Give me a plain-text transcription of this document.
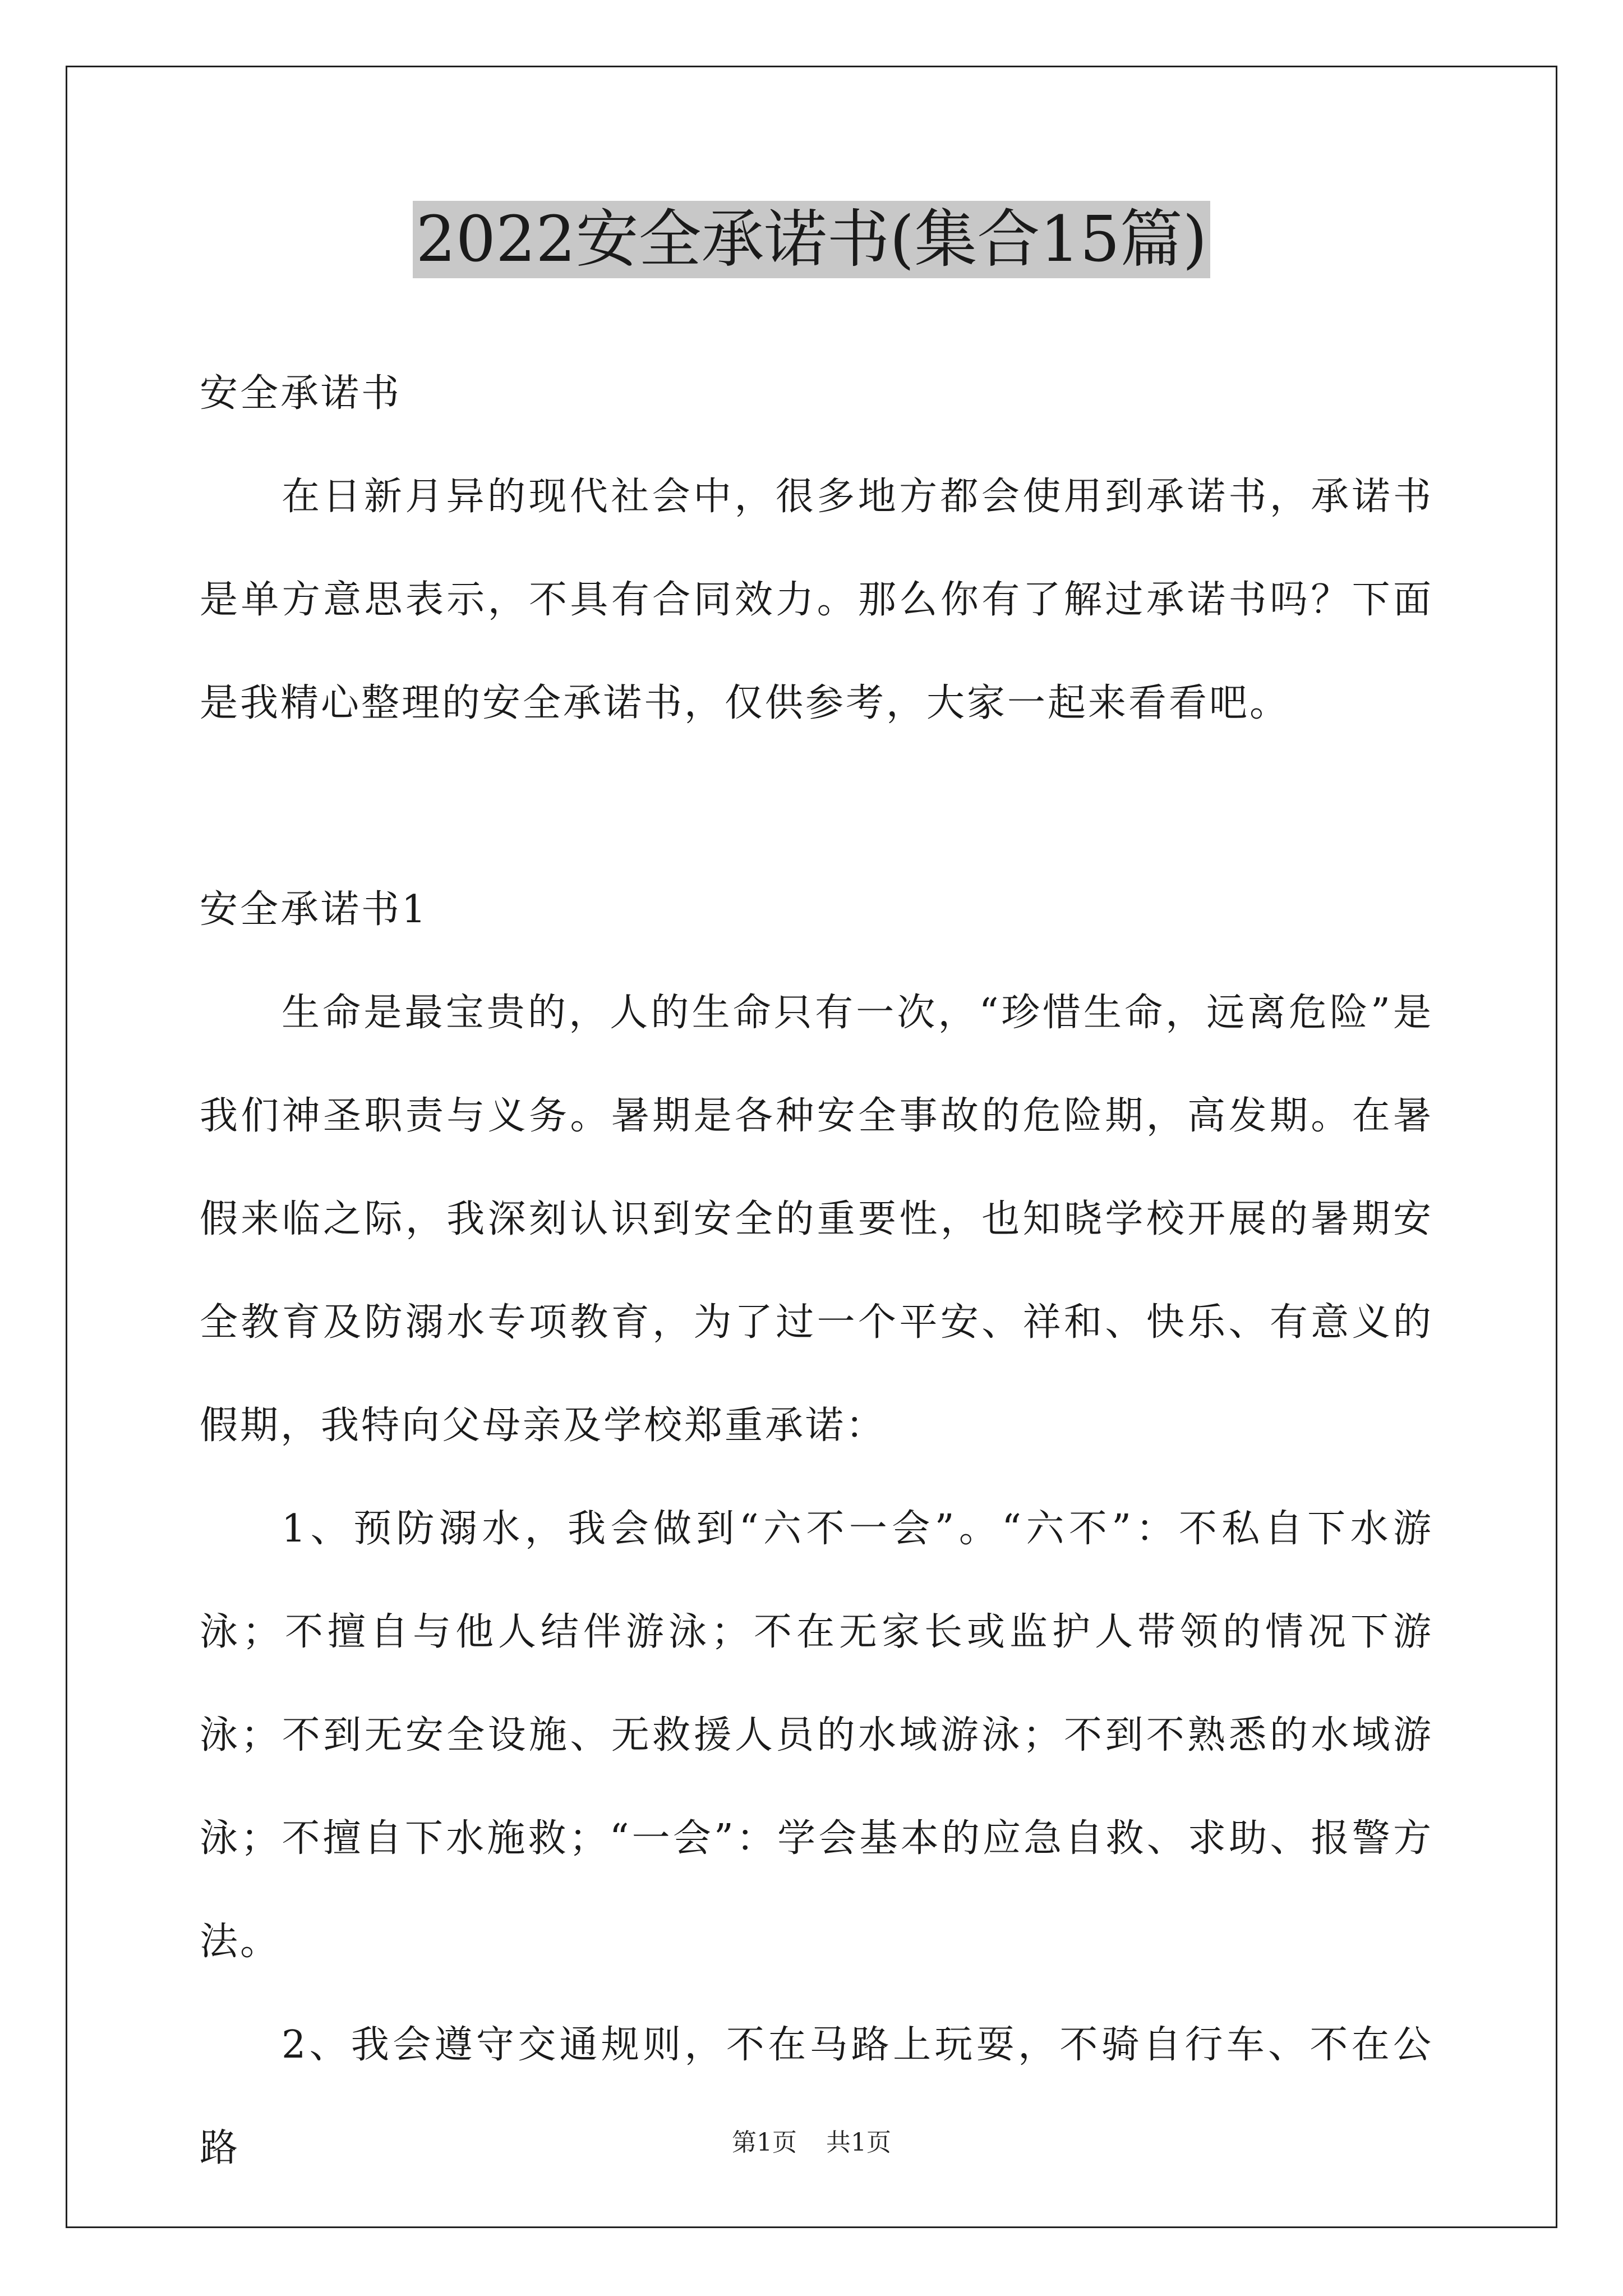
2022安全承诺书(集合15篇)

安全承诺书

在日新月异的现代社会中，很多地方都会使用到承诺书，承诺书是单方意思表示，不具有合同效力。那么你有了解过承诺书吗？下面是我精心整理的安全承诺书，仅供参考，大家一起来看看吧。

安全承诺书1

生命是最宝贵的，人的生命只有一次，“珍惜生命，远离危险”是我们神圣职责与义务。暑期是各种安全事故的危险期，高发期。在暑假来临之际，我深刻认识到安全的重要性，也知晓学校开展的暑期安全教育及防溺水专项教育，为了过一个平安、祥和、快乐、有意义的假期，我特向父母亲及学校郑重承诺：

1、预防溺水，我会做到“六不一会”。“六不”：不私自下水游泳；不擅自与他人结伴游泳；不在无家长或监护人带领的情况下游泳；不到无安全设施、无救援人员的水域游泳；不到不熟悉的水域游泳；不擅自下水施救；“一会”：学会基本的应急自救、求助、报警方法。

2、我会遵守交通规则，不在马路上玩耍，不骑自行车、不在公路	第1页 共1页
